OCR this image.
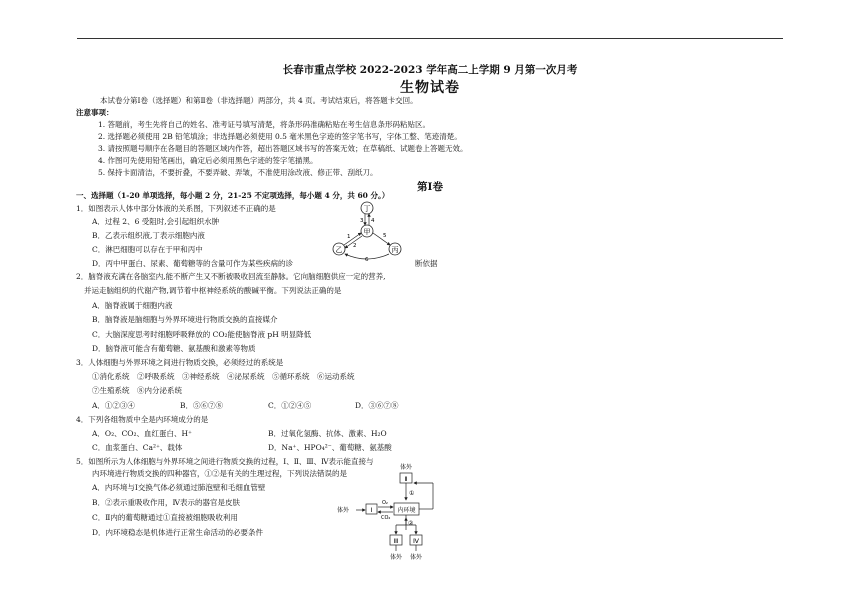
长春市重点学校 2022-2023 学年高二上学期 9 月第一次月考
生物试卷
本试卷分第Ⅰ卷（选择题）和第Ⅱ卷（非选择题）两部分，共 4 页。考试结束后，将答题卡交回。
注意事项：
1. 答题前，考生先将自己的姓名、准考证号填写清楚，将条形码准确粘贴在考生信息条形码粘贴区。
2. 选择题必须使用 2B 铅笔填涂；非选择题必须使用 0.5 毫米黑色字迹的签字笔书写，字体工整、笔迹清楚。
3. 请按照题号顺序在各题目的答题区域内作答，超出答题区域书写的答案无效；在草稿纸、试题卷上答题无效。
4. 作图可先使用铅笔画出，确定后必须用黑色字迹的签字笔描黑。
5. 保持卡面清洁，不要折叠，不要弄破、弄皱，不准使用涂改液、修正带、刮纸刀。
第Ⅰ卷
一、选择题（1-20 单项选择，每小题 2 分，21-25 不定项选择，每小题 4 分，共 60 分。）
1．如图表示人体中部分体液的关系图，下列叙述不正确的是
A．过程 2、6 受阻时,会引起组织水肿
B．乙表示组织液,丁表示细胞内液
C．淋巴细胞可以存在于甲和丙中
D．丙中甲蛋白、尿素、葡萄糖等的含量可作为某些疾病的诊	断依据
丁
甲
乙	丙
3 4
1
2
5
6
2．脑脊液充满在各脑室内,能不断产生又不断被吸收回流至静脉。它向脑细胞供应一定的营养,
并运走脑组织的代谢产物,调节着中枢神经系统的酸碱平衡。下列说法正确的是
A．脑脊液属于细胞内液
B．脑脊液是脑细胞与外界环境进行物质交换的直接媒介
C．大脑深度思考时细胞呼吸释放的 CO₂能使脑脊液 pH 明显降低
D．脑脊液可能含有葡萄糖、氨基酸和激素等物质
3．人体细胞与外界环境之间进行物质交换，必须经过的系统是
①消化系统　②呼吸系统　③神经系统　④泌尿系统　⑤循环系统　⑥运动系统
⑦生殖系统　⑧内分泌系统
A．①②③④	B．⑤⑥⑦⑧	C．①②④⑤	D．③⑥⑦⑧
4．下列各组物质中全是内环境成分的是
A．O₂、CO₂、血红蛋白、H⁺	B．过氧化氢酶、抗体、激素、H₂O
C．血浆蛋白、Ca²⁺、载体	D．Na⁺、HPO₄²⁻、葡萄糖、氨基酸
5．如图所示为人体细胞与外界环境之间进行物质交换的过程，Ⅰ、Ⅱ、Ⅲ、Ⅳ表示能直接与
内环境进行物质交换的四种器官，①②是有关的生理过程，下列说法错误的是
A．内环境与Ⅰ交换气体必须通过肺泡壁和毛细血管壁
B．②表示重吸收作用，Ⅳ表示的器官是皮肤
C．Ⅱ内的葡萄糖通过①直接被细胞吸收利用
D．内环境稳态是机体进行正常生命活动的必要条件
体外
Ⅱ
①
体外	Ⅰ
O₂
CO₂
内环境
②
Ⅲ Ⅳ
体外 体外
